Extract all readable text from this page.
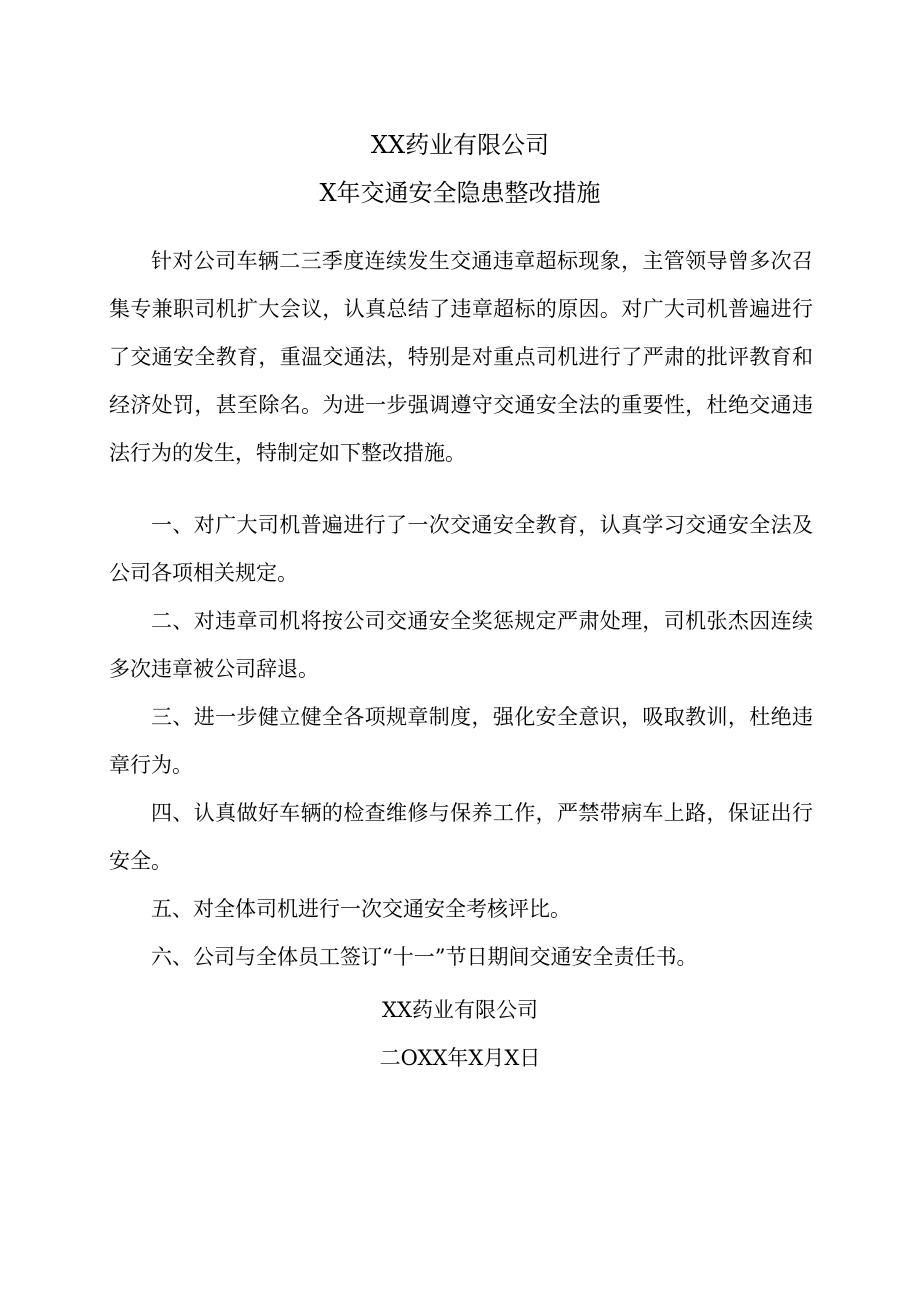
XX药业有限公司
X年交通安全隐患整改措施

针对公司车辆二三季度连续发生交通违章超标现象，主管领导曾多次召集专兼职司机扩大会议，认真总结了违章超标的原因。对广大司机普遍进行了交通安全教育，重温交通法，特别是对重点司机进行了严肃的批评教育和经济处罚，甚至除名。为进一步强调遵守交通安全法的重要性，杜绝交通违法行为的发生，特制定如下整改措施。

一、对广大司机普遍进行了一次交通安全教育，认真学习交通安全法及公司各项相关规定。

二、对违章司机将按公司交通安全奖惩规定严肃处理，司机张杰因连续多次违章被公司辞退。

三、进一步健立健全各项规章制度，强化安全意识，吸取教训，杜绝违章行为。

四、认真做好车辆的检查维修与保养工作，严禁带病车上路，保证出行安全。

五、对全体司机进行一次交通安全考核评比。

六、公司与全体员工签订“十一”节日期间交通安全责任书。

XX药业有限公司
二OXX年X月X日
